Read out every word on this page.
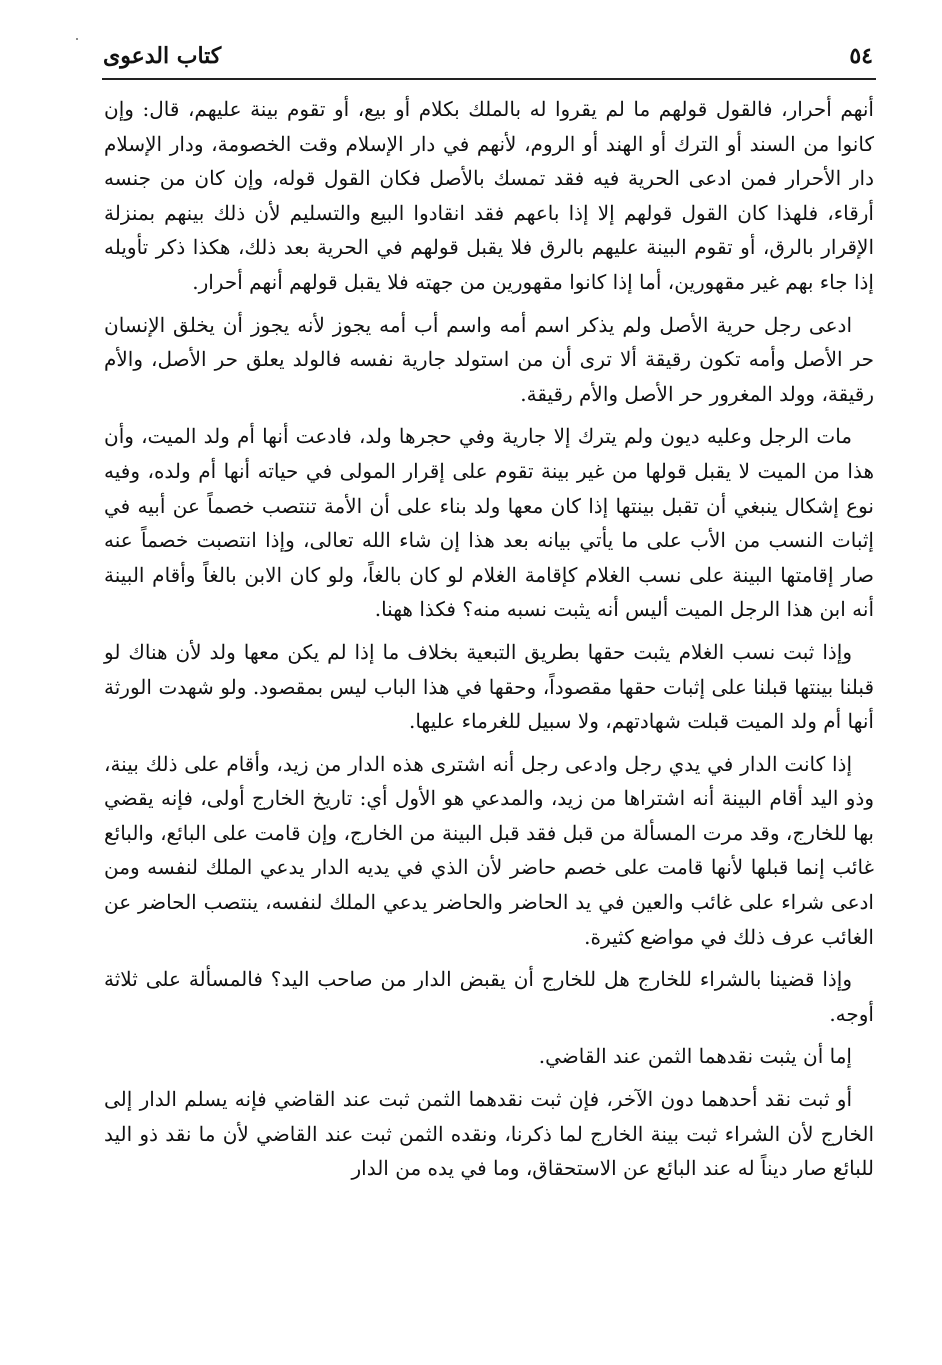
٥٤
كتاب الدعوى

أنهم أحرار، فالقول قولهم ما لم يقروا له بالملك بكلام أو بيع، أو تقوم بينة عليهم، قال: وإن كانوا من السند أو الترك أو الهند أو الروم، لأنهم في دار الإسلام وقت الخصومة، ودار الإسلام دار الأحرار فمن ادعى الحرية فيه فقد تمسك بالأصل فكان القول قوله، وإن كان من جنسه أرقاء، فلهذا كان القول قولهم إلا إذا باعهم فقد انقادوا البيع والتسليم لأن ذلك بينهم بمنزلة الإقرار بالرق، أو تقوم البينة عليهم بالرق فلا يقبل قولهم في الحرية بعد ذلك، هكذا ذكر تأويله إذا جاء بهم غير مقهورين، أما إذا كانوا مقهورين من جهته فلا يقبل قولهم أنهم أحرار.

ادعى رجل حرية الأصل ولم يذكر اسم أمه واسم أب أمه يجوز لأنه يجوز أن يخلق الإنسان حر الأصل وأمه تكون رقيقة ألا ترى أن من استولد جارية نفسه فالولد يعلق حر الأصل، والأم رقيقة، وولد المغرور حر الأصل والأم رقيقة.

مات الرجل وعليه ديون ولم يترك إلا جارية وفي حجرها ولد، فادعت أنها أم ولد الميت، وأن هذا من الميت لا يقبل قولها من غير بينة تقوم على إقرار المولى في حياته أنها أم ولده، وفيه نوع إشكال ينبغي أن تقبل بينتها إذا كان معها ولد بناء على أن الأمة تنتصب خصماً عن أبيه في إثبات النسب من الأب على ما يأتي بيانه بعد هذا إن شاء الله تعالى، وإذا انتصبت خصماً عنه صار إقامتها البينة على نسب الغلام كإقامة الغلام لو كان بالغاً، ولو كان الابن بالغاً وأقام البينة أنه ابن هذا الرجل الميت أليس أنه يثبت نسبه منه؟ فكذا ههنا.

وإذا ثبت نسب الغلام يثبت حقها بطريق التبعية بخلاف ما إذا لم يكن معها ولد لأن هناك لو قبلنا بينتها قبلنا على إثبات حقها مقصوداً، وحقها في هذا الباب ليس بمقصود. ولو شهدت الورثة أنها أم ولد الميت قبلت شهادتهم، ولا سبيل للغرماء عليها.

إذا كانت الدار في يدي رجل وادعى رجل أنه اشترى هذه الدار من زيد، وأقام على ذلك بينة، وذو اليد أقام البينة أنه اشتراها من زيد، والمدعي هو الأول أي: تاريخ الخارج أولى، فإنه يقضي بها للخارج، وقد مرت المسألة من قبل فقد قبل البينة من الخارج، وإن قامت على البائع، والبائع غائب إنما قبلها لأنها قامت على خصم حاضر لأن الذي في يديه الدار يدعي الملك لنفسه ومن ادعى شراء على غائب والعين في يد الحاضر والحاضر يدعي الملك لنفسه، ينتصب الحاضر عن الغائب عرف ذلك في مواضع كثيرة.

وإذا قضينا بالشراء للخارج هل للخارج أن يقبض الدار من صاحب اليد؟ فالمسألة على ثلاثة أوجه.

إما أن يثبت نقدهما الثمن عند القاضي.

أو ثبت نقد أحدهما دون الآخر، فإن ثبت نقدهما الثمن ثبت عند القاضي فإنه يسلم الدار إلى الخارج لأن الشراء ثبت بينة الخارج لما ذكرنا، ونقده الثمن ثبت عند القاضي لأن ما نقد ذو اليد للبائع صار ديناً له عند البائع عن الاستحقاق، وما في يده من الدار
